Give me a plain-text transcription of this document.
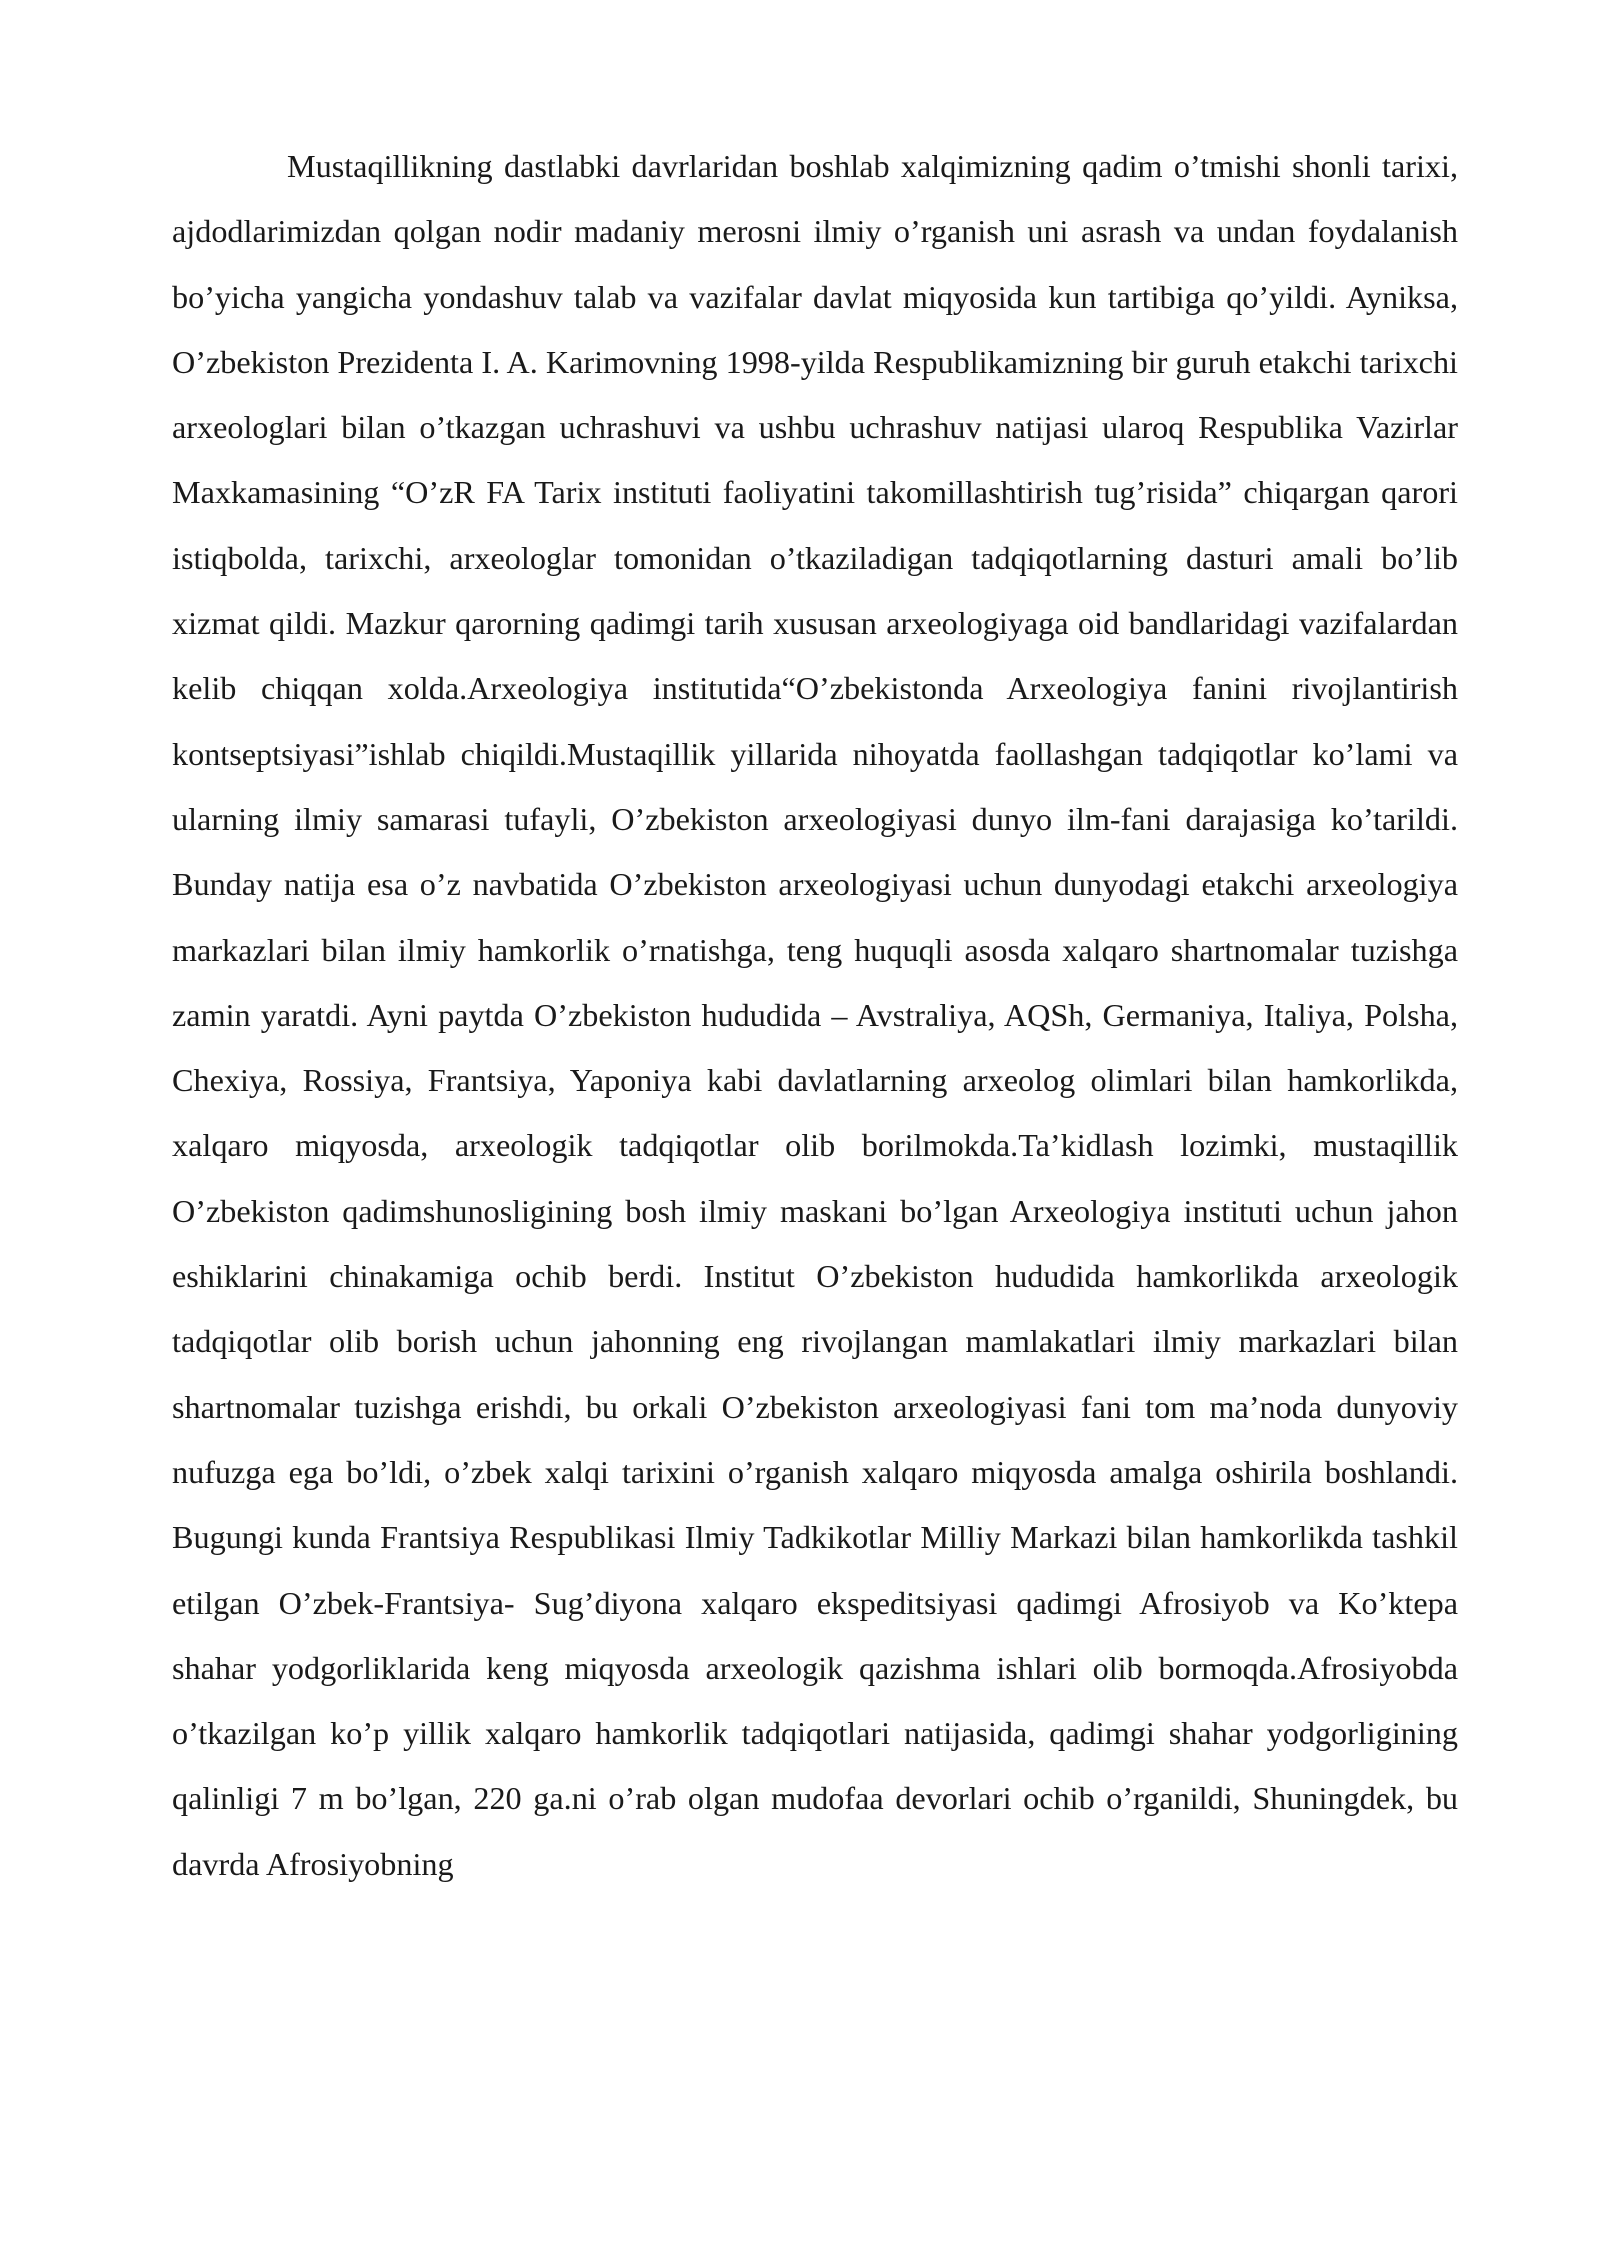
Mustaqillikning dastlabki davrlaridan boshlab xalqimizning qadim o’tmishi shonli tarixi, ajdodlarimizdan qolgan nodir madaniy merosni ilmiy o’rganish uni asrash va undan foydalanish bo’yicha yangicha yondashuv talab va vazifalar davlat miqyosida kun tartibiga qo’yildi. Ayniksa, O’zbekiston Prezidenta I. A. Karimovning 1998-yilda Respublikamizning bir guruh etakchi tarixchi arxeologlari bilan o’tkazgan uchrashuvi va ushbu uchrashuv natijasi ularoq Respublika Vazirlar Maxkamasining “O’zR FA Tarix instituti faoliyatini takomillashtirish tug’risida” chiqargan qarori istiqbolda, tarixchi, arxeologlar tomonidan o’tkaziladigan tadqiqotlarning dasturi amali bo’lib xizmat qildi. Mazkur qarorning qadimgi tarih xususan arxeologiyaga oid bandlaridagi vazifalardan kelib chiqqan xolda.Arxeologiya institutida“O’zbekistonda Arxeologiya fanini rivojlantirish kontseptsiyasi”ishlab chiqildi.Mustaqillik yillarida nihoyatda faollashgan tadqiqotlar ko’lami va ularning ilmiy samarasi tufayli, O’zbekiston arxeologiyasi dunyo ilm-fani darajasiga ko’tarildi. Bunday natija esa o’z navbatida O’zbekiston arxeologiyasi uchun dunyodagi etakchi arxeologiya markazlari bilan ilmiy hamkorlik o’rnatishga, teng huquqli asosda xalqaro shartnomalar tuzishga zamin yaratdi. Ayni paytda O’zbekiston hududida – Avstraliya, AQSh, Germaniya, Italiya, Polsha, Chexiya, Rossiya, Frantsiya, Yaponiya kabi davlatlarning arxeolog olimlari bilan hamkorlikda, xalqaro miqyosda, arxeologik tadqiqotlar olib borilmokda.Ta’kidlash lozimki, mustaqillik O’zbekiston qadimshunosligining bosh ilmiy maskani bo’lgan Arxeologiya instituti uchun jahon eshiklarini chinakamiga ochib berdi. Institut O’zbekiston hududida hamkorlikda arxeologik tadqiqotlar olib borish uchun jahonning eng rivojlangan mamlakatlari ilmiy markazlari bilan shartnomalar tuzishga erishdi, bu orkali O’zbekiston arxeologiyasi fani tom ma’noda dunyoviy nufuzga ega bo’ldi, o’zbek xalqi tarixini o’rganish xalqaro miqyosda amalga oshirila boshlandi. Bugungi kunda Frantsiya Respublikasi Ilmiy Tadkikotlar Milliy Markazi bilan hamkorlikda tashkil etilgan O’zbek-Frantsiya- Sug’diyona xalqaro ekspeditsiyasi qadimgi Afrosiyob va Ko’ktepa shahar yodgorliklarida keng miqyosda arxeologik qazishma ishlari olib bormoqda.Afrosiyobda o’tkazilgan ko’p yillik xalqaro hamkorlik tadqiqotlari natijasida, qadimgi shahar yodgorligining qalinligi 7 m bo’lgan, 220 ga.ni o’rab olgan mudofaa devorlari ochib o’rganildi, Shuningdek, bu davrda Afrosiyobning
